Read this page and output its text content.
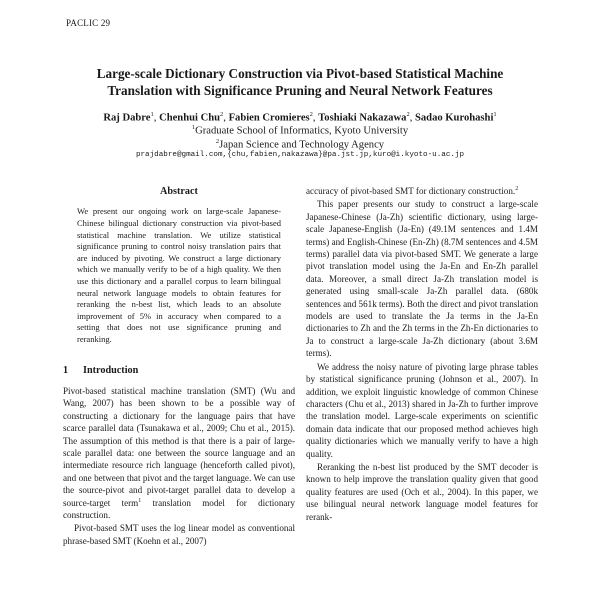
PACLIC 29
Large-scale Dictionary Construction via Pivot-based Statistical Machine
Translation with Significance Pruning and Neural Network Features
Raj Dabre$^1$, Chenhui Chu$^2$, Fabien Cromieres$^2$, Toshiaki Nakazawa$^2$, Sadao Kurohashi$^1$
$^1$Graduate School of Informatics, Kyoto University
$^2$Japan Science and Technology Agency
prajdabre@gmail.com,{chu,fabien,nakazawa}@pa.jst.jp,kuro@i.kyoto-u.ac.jp
Abstract
We present our ongoing work on large-scale Japanese-Chinese bilingual dictionary construction via pivot-based statistical machine translation. We utilize statistical significance pruning to control noisy translation pairs that are induced by pivoting. We construct a large dictionary which we manually verify to be of a high quality. We then use this dictionary and a parallel corpus to learn bilingual neural network language models to obtain features for reranking the n-best list, which leads to an absolute improvement of 5% in accuracy when compared to a setting that does not use significance pruning and reranking.
1 Introduction

Pivot-based statistical machine translation (SMT) (Wu and Wang, 2007) has been shown to be a possible way of constructing a dictionary for the language pairs that have scarce parallel data (Tsunakawa et al., 2009; Chu et al., 2015). The assumption of this method is that there is a pair of large-scale parallel data: one between the source language and an intermediate resource rich language (henceforth called pivot), and one between that pivot and the target language. We can use the source-pivot and pivot-target parallel data to develop a source-target term$^1$ translation model for dictionary construction.

Pivot-based SMT uses the log linear model as conventional phrase-based SMT (Koehn et al., 2007)

accuracy of pivot-based SMT for dictionary construction.$^2$

This paper presents our study to construct a large-scale Japanese-Chinese (Ja-Zh) scientific dictionary, using large-scale Japanese-English (Ja-En) (49.1M sentences and 1.4M terms) and English-Chinese (En-Zh) (8.7M sentences and 4.5M terms) parallel data via pivot-based SMT. We generate a large pivot translation model using the Ja-En and En-Zh parallel data. Moreover, a small direct Ja-Zh translation model is generated using small-scale Ja-Zh parallel data. (680k sentences and 561k terms). Both the direct and pivot translation models are used to translate the Ja terms in the Ja-En dictionaries to Zh and the Zh terms in the Zh-En dictionaries to Ja to construct a large-scale Ja-Zh dictionary (about 3.6M terms).

We address the noisy nature of pivoting large phrase tables by statistical significance pruning (Johnson et al., 2007). In addition, we exploit linguistic knowledge of common Chinese characters (Chu et al., 2013) shared in Ja-Zh to further improve the translation model. Large-scale experiments on scientific domain data indicate that our proposed method achieves high quality dictionaries which we manually verify to have a high quality.

Reranking the n-best list produced by the SMT decoder is known to help improve the translation quality given that good quality features are used (Och et al., 2004). In this paper, we use bilingual neural network language model features for rerank-
